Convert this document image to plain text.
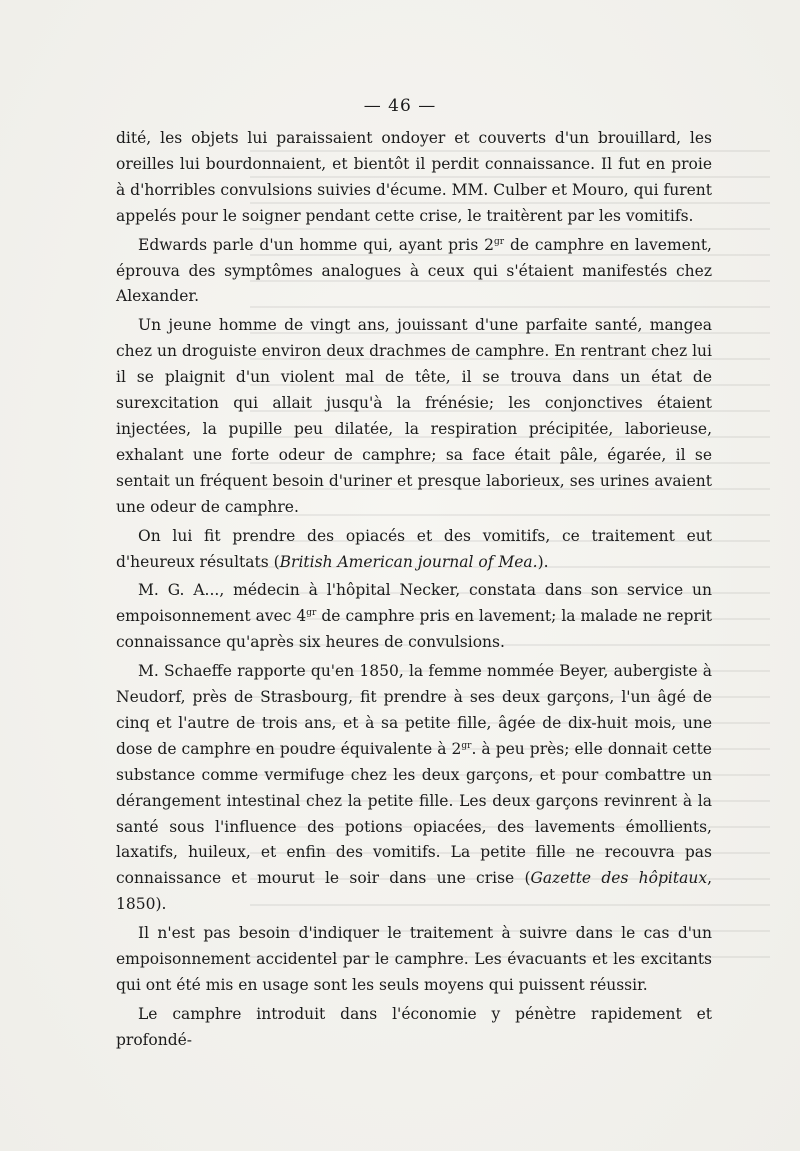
— 46 —

dité, les objets lui paraissaient ondoyer et couverts d'un brouillard, les oreilles lui bourdonnaient, et bientôt il perdit connaissance. Il fut en proie à d'horribles convulsions suivies d'écume. MM. Culber et Mouro, qui furent appelés pour le soigner pendant cette crise, le traitèrent par les vomitifs.

Edwards parle d'un homme qui, ayant pris $2^{gr}$ de camphre en lavement, éprouva des symptômes analogues à ceux qui s'étaient manifestés chez Alexander.

Un jeune homme de vingt ans, jouissant d'une parfaite santé, mangea chez un droguiste environ deux drachmes de camphre. En rentrant chez lui il se plaignit d'un violent mal de tête, il se trouva dans un état de surexcitation qui allait jusqu'à la frénésie; les conjonctives étaient injectées, la pupille peu dilatée, la respiration précipitée, laborieuse, exhalant une forte odeur de camphre; sa face était pâle, égarée, il se sentait un fréquent besoin d'uriner et presque laborieux, ses urines avaient une odeur de camphre.

On lui fit prendre des opiacés et des vomitifs, ce traitement eut d'heureux résultats (British American journal of Mea.).

M. G. A..., médecin à l'hôpital Necker, constata dans son service un empoisonnement avec $4^{gr}$ de camphre pris en lavement; la malade ne reprit connaissance qu'après six heures de convulsions.

M. Schaeffe rapporte qu'en 1850, la femme nommée Beyer, aubergiste à Neudorf, près de Strasbourg, fit prendre à ses deux garçons, l'un âgé de cinq et l'autre de trois ans, et à sa petite fille, âgée de dix-huit mois, une dose de camphre en poudre équivalente à $2^{gr}$. à peu près; elle donnait cette substance comme vermifuge chez les deux garçons, et pour combattre un dérangement intestinal chez la petite fille. Les deux garçons revinrent à la santé sous l'influence des potions opiacées, des lavements émollients, laxatifs, huileux, et enfin des vomitifs. La petite fille ne recouvra pas connaissance et mourut le soir dans une crise (Gazette des hôpitaux, 1850).

Il n'est pas besoin d'indiquer le traitement à suivre dans le cas d'un empoisonnement accidentel par le camphre. Les évacuants et les excitants qui ont été mis en usage sont les seuls moyens qui puissent réussir.

Le camphre introduit dans l'économie y pénètre rapidement et profondé-
